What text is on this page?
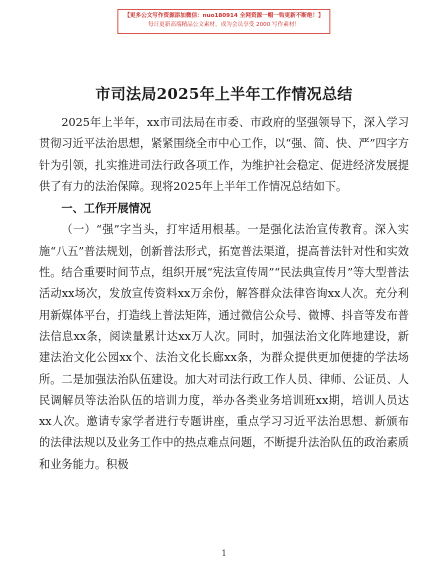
【更多公文写作资源添加微信：nuo180914 全网资源一帽一钩更新不断绝！】
每日更新高端精品公文素材，成为会员享受 2000 写作素材！
市司法局2025年上半年工作情况总结

2025年上半年，xx市司法局在市委、市政府的坚强领导下，深入学习贯彻习近平法治思想，紧紧围绕全市中心工作，以“强、简、快、严”四字方针为引领，扎实推进司法行政各项工作，为维护社会稳定、促进经济发展提供了有力的法治保障。现将2025年上半年工作情况总结如下。

一、工作开展情况

（一）“强”字当头，打牢适用根基。一是强化法治宣传教育。深入实施“八五”普法规划，创新普法形式，拓宽普法渠道，提高普法针对性和实效性。结合重要时间节点，组织开展“宪法宣传周”“民法典宣传月”等大型普法活动xx场次，发放宣传资料xx万余份，解答群众法律咨询xx人次。充分利用新媒体平台，打造线上普法矩阵，通过微信公众号、微博、抖音等发布普法信息xx条，阅读量累计达xx万人次。同时，加强法治文化阵地建设，新建法治文化公园xx个、法治文化长廊xx条，为群众提供更加便捷的学法场所。二是加强法治队伍建设。加大对司法行政工作人员、律师、公证员、人民调解员等法治队伍的培训力度，举办各类业务培训班xx期，培训人员达xx人次。邀请专家学者进行专题讲座，重点学习习近平法治思想、新颁布的法律法规以及业务工作中的热点难点问题，不断提升法治队伍的政治素质和业务能力。积极

1
